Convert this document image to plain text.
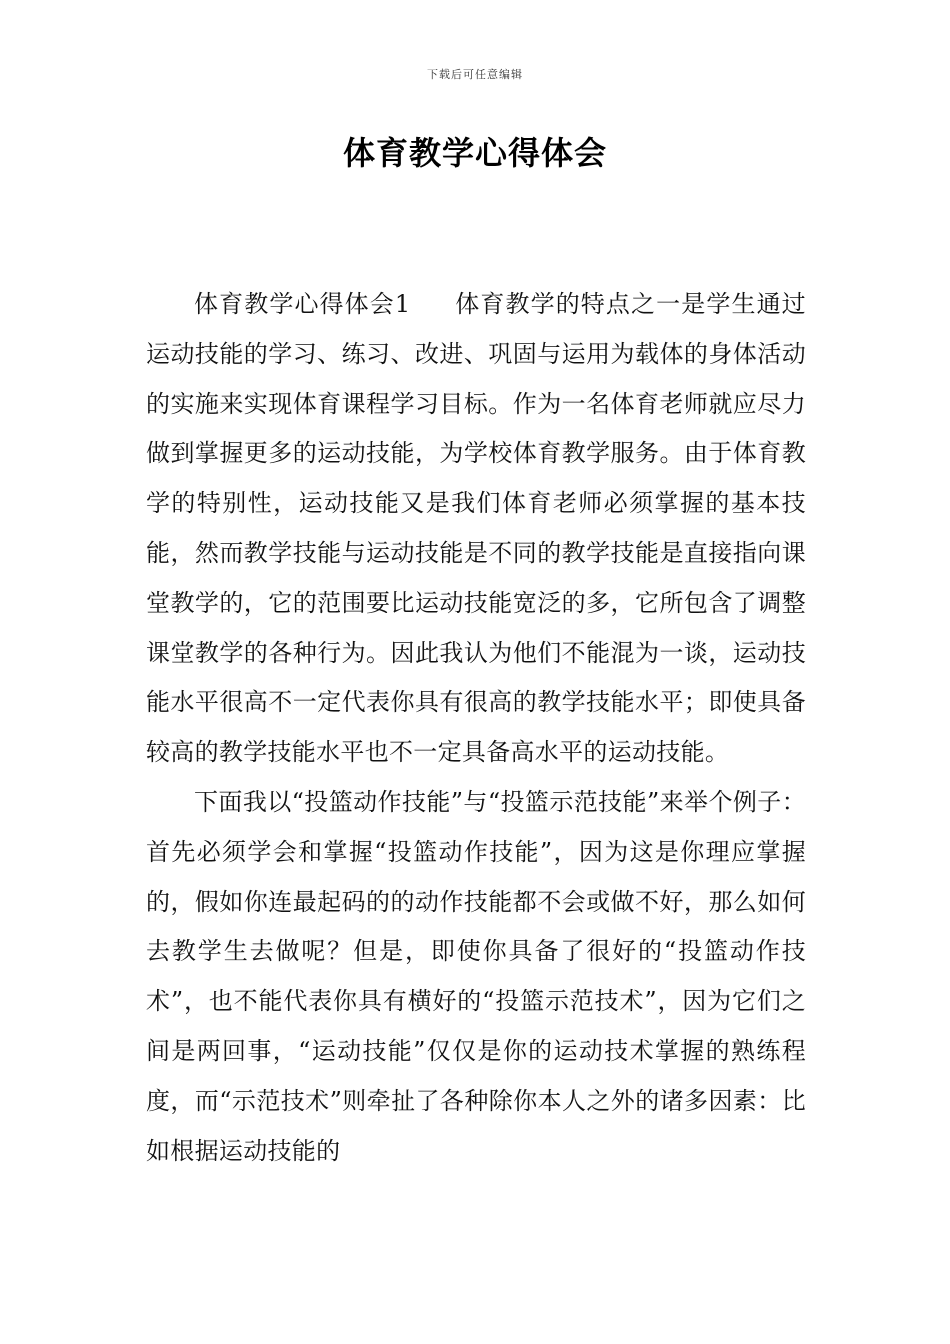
下载后可任意编辑
体育教学心得体会

体育教学心得体会1 体育教学的特点之一是学生通过运动技能的学习、练习、改进、巩固与运用为载体的身体活动的实施来实现体育课程学习目标。作为一名体育老师就应尽力做到掌握更多的运动技能，为学校体育教学服务。由于体育教学的特别性，运动技能又是我们体育老师必须掌握的基本技能，然而教学技能与运动技能是不同的教学技能是直接指向课堂教学的，它的范围要比运动技能宽泛的多，它所包含了调整课堂教学的各种行为。因此我认为他们不能混为一谈，运动技能水平很高不一定代表你具有很高的教学技能水平；即使具备较高的教学技能水平也不一定具备高水平的运动技能。

下面我以“投篮动作技能”与“投篮示范技能”来举个例子：首先必须学会和掌握“投篮动作技能”，因为这是你理应掌握的，假如你连最起码的的动作技能都不会或做不好，那么如何去教学生去做呢？但是，即使你具备了很好的“投篮动作技术”，也不能代表你具有横好的“投篮示范技术”，因为它们之间是两回事，“运动技能”仅仅是你的运动技术掌握的熟练程度，而“示范技术”则牵扯了各种除你本人之外的诸多因素：比如根据运动技能的
